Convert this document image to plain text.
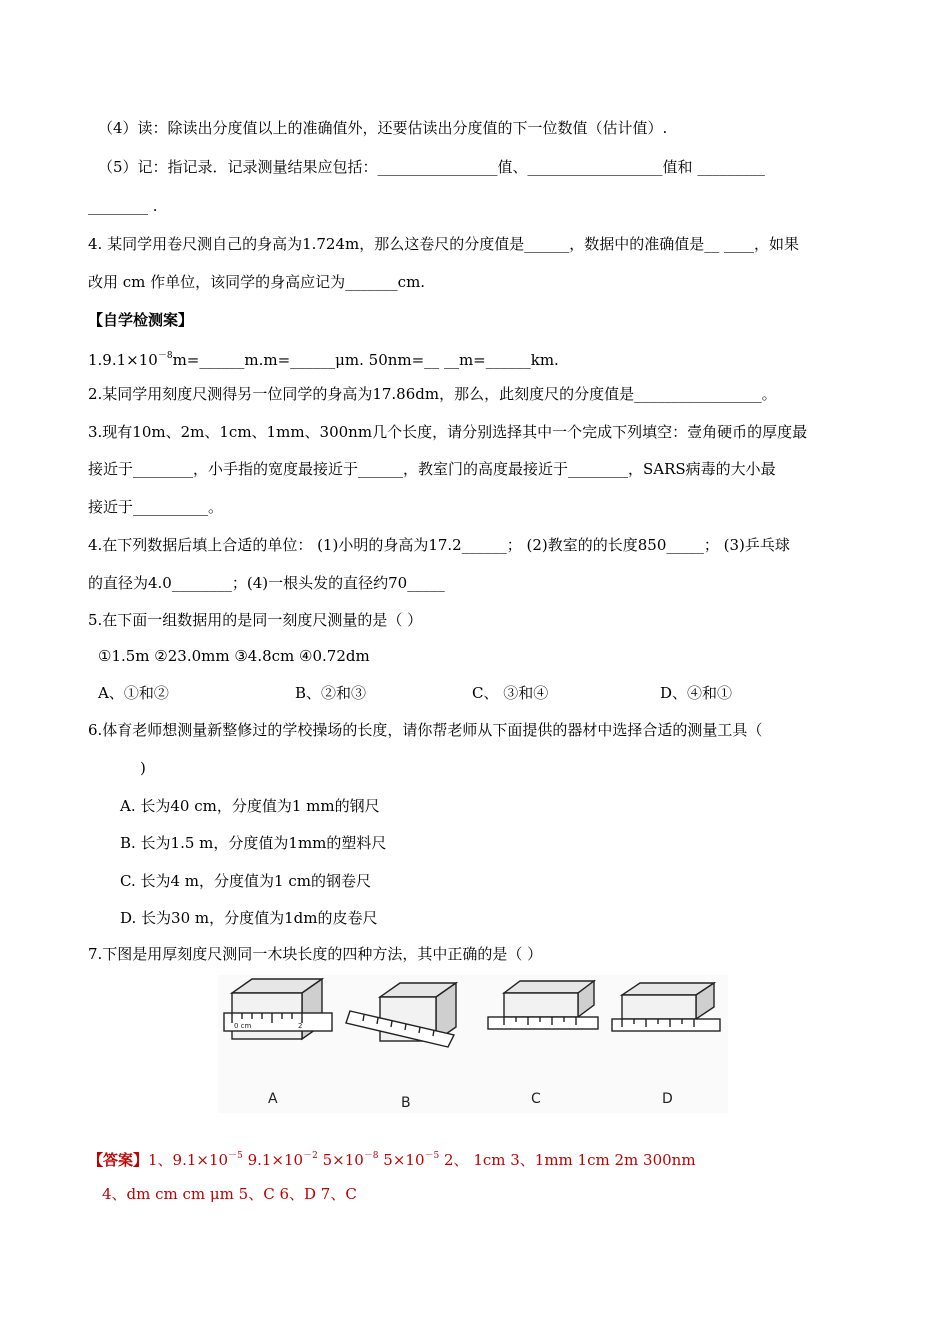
（4）读：除读出分度值以上的准确值外，还要估读出分度值的下一位数值（估计值）.
（5）记：指记录．记录测量结果应包括：________________值、__________________值和 _________
________ .
4. 某同学用卷尺测自己的身高为1.724m，那么这卷尺的分度值是______，数据中的准确值是__ ____，如果
改用 cm 作单位，该同学的身高应记为_______cm.
【自学检测案】
$1.9.1\times 10^{-8}m=\_\_\_\_\_\_m.m=\_\_\_\_\_\_\mu m$. 50nm=__ __m=______km.
2.某同学用刻度尺测得另一位同学的身高为17.86dm，那么，此刻度尺的分度值是_________________。
3.现有10m、2m、1cm、1mm、300nm几个长度，请分别选择其中一个完成下列填空：壹角硬币的厚度最
接近于________，小手指的宽度最接近于______，教室门的高度最接近于________，SARS病毒的大小最
接近于__________。
4.在下列数据后填上合适的单位： (1)小明的身高为17.2______； (2)教室的的长度850_____； (3)乒乓球
的直径为4.0________；(4)一根头发的直径约70_____
5.在下面一组数据用的是同一刻度尺测量的是（ ）
①1.5m ②23.0mm ③4.8cm ④0.72dm
A、①和②	B、②和③	C、 ③和④	D、④和①
6.体育老师想测量新整修过的学校操场的长度，请你帮老师从下面提供的器材中选择合适的测量工具（
)
A. 长为40 cm，分度值为1 mm的钢尺
B. 长为1.5 m，分度值为1mm的塑料尺
C. 长为4 m，分度值为1 cm的钢卷尺
D. 长为30 m，分度值为1dm的皮卷尺
7.下图是用厚刻度尺测同一木块长度的四种方法，其中正确的是（ ）
0 cm	2
A	B	C	D
【答案】1、$9.1\times 10^{-5}$ $9.1\times 10^{-2}$ $5\times 10^{-8}$ $5\times 10^{-5}$ 2、 1cm 3、1mm 1cm 2m 300nm
4、dm cm cm μm 5、C 6、D 7、C
